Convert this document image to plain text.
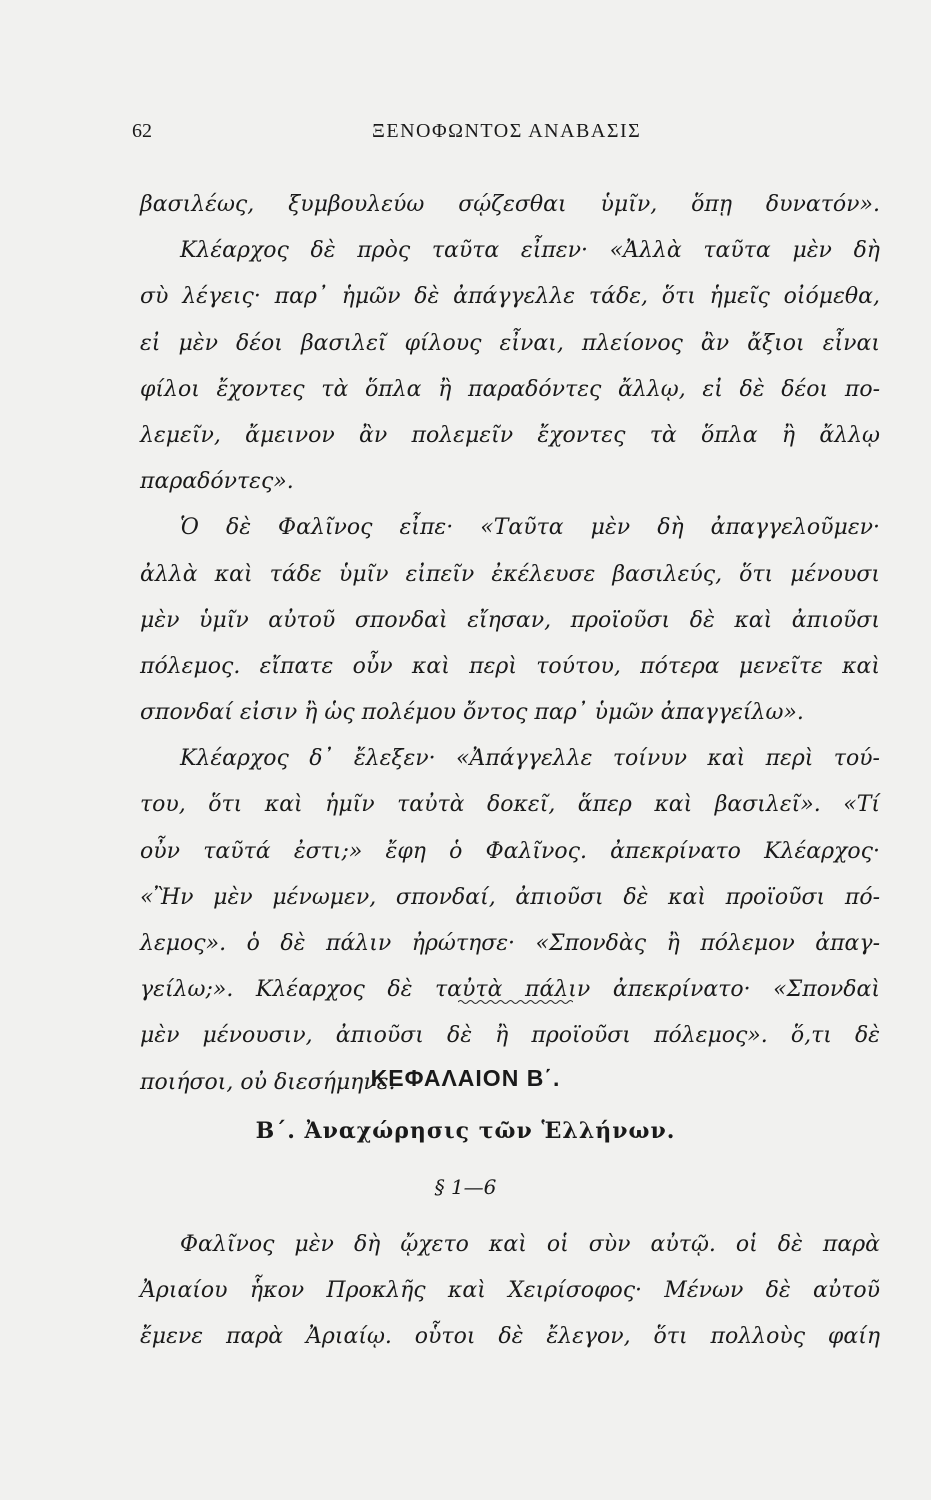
62	ΞΕΝΟΦΩΝΤΟΣ ΑΝΑΒΑΣΙΣ
βασιλέως, ξυμβουλεύω σῴζεσθαι ὑμῖν, ὅπῃ δυνατόν».
Κλέαρχος δὲ πρὸς ταῦτα εἶπεν· «Ἀλλὰ ταῦτα μὲν δὴ
σὺ λέγεις· παρ᾽ ἡμῶν δὲ ἀπάγγελλε τάδε, ὅτι ἡμεῖς οἰόμεθα,
εἰ μὲν δέοι βασιλεῖ φίλους εἶναι, πλείονος ἂν ἄξιοι εἶναι
φίλοι ἔχοντες τὰ ὅπλα ἢ παραδόντες ἄλλῳ, εἰ δὲ δέοι πο-
λεμεῖν, ἄμεινον ἂν πολεμεῖν ἔχοντες τὰ ὅπλα ἢ ἄλλῳ
παραδόντες».
Ὁ δὲ Φαλῖνος εἶπε· «Ταῦτα μὲν δὴ ἀπαγγελοῦμεν·
ἀλλὰ καὶ τάδε ὑμῖν εἰπεῖν ἐκέλευσε βασιλεύς, ὅτι μένουσι
μὲν ὑμῖν αὐτοῦ σπονδαὶ εἴησαν, προϊοῦσι δὲ καὶ ἀπιοῦσι
πόλεμος. εἴπατε οὖν καὶ περὶ τούτου, πότερα μενεῖτε καὶ
σπονδαί εἰσιν ἢ ὡς πολέμου ὄντος παρ᾽ ὑμῶν ἀπαγγείλω».
Κλέαρχος δ᾽ ἔλεξεν· «Ἀπάγγελλε τοίνυν καὶ περὶ τού-
του, ὅτι καὶ ἡμῖν ταὐτὰ δοκεῖ, ἅπερ καὶ βασιλεῖ». «Τί
οὖν ταῦτά ἐστι;» ἔφη ὁ Φαλῖνος. ἀπεκρίνατο Κλέαρχος·
«Ἢν μὲν μένωμεν, σπονδαί, ἀπιοῦσι δὲ καὶ προϊοῦσι πό-
λεμος». ὁ δὲ πάλιν ἠρώτησε· «Σπονδὰς ἢ πόλεμον ἀπαγ-
γείλω;». Κλέαρχος δὲ ταὐτὰ πάλιν ἀπεκρίνατο· «Σπονδαὶ
μὲν μένουσιν, ἀπιοῦσι δὲ ἢ προϊοῦσι πόλεμος». ὅ,τι δὲ
ποιήσοι, οὐ διεσήμηνε.
ΚΕΦΑΛΑΙΟΝ Β΄.
Β΄. Ἀναχώρησις τῶν Ἑλλήνων.
§ 1—6
Φαλῖνος μὲν δὴ ᾤχετο καὶ οἱ σὺν αὐτῷ. οἱ δὲ παρὰ
Ἀριαίου ἧκον Προκλῆς καὶ Χειρίσοφος· Μένων δὲ αὐτοῦ
ἔμενε παρὰ Ἀριαίῳ. οὗτοι δὲ ἔλεγον, ὅτι πολλοὺς φαίη
